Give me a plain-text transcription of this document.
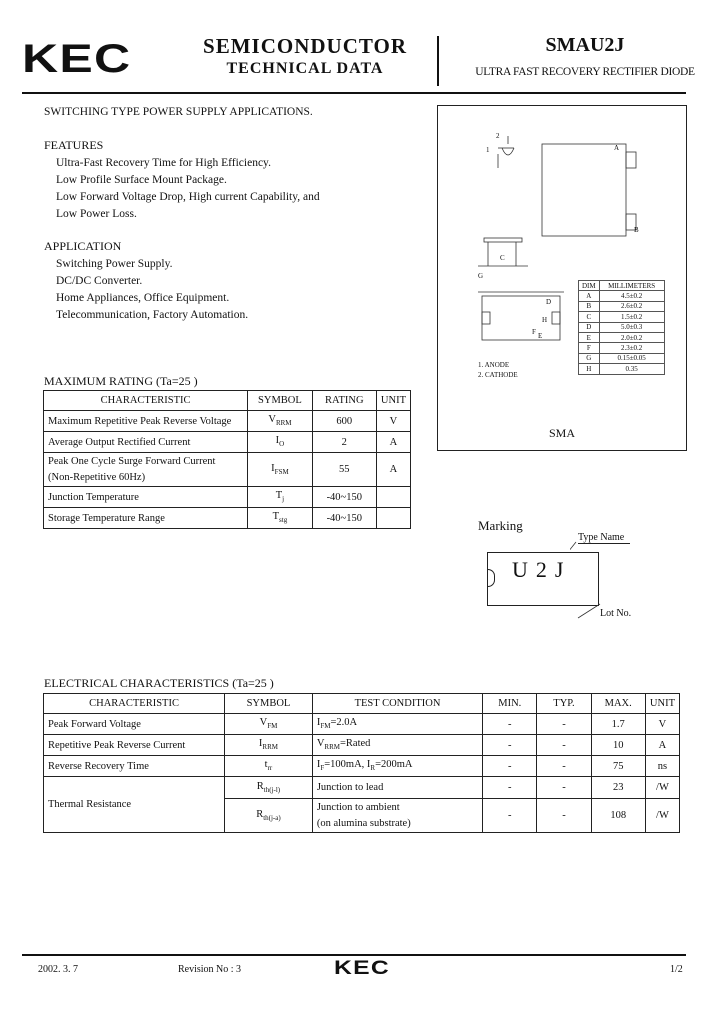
KEC	SEMICONDUCTOR
TECHNICAL DATA
SMAU2J
ULTRA FAST RECOVERY RECTIFIER DIODE
SWITCHING TYPE POWER SUPPLY APPLICATIONS.
FEATURES
Ultra-Fast Recovery Time for High Efficiency.
Low Profile Surface Mount Package.
Low Forward Voltage Drop, High current Capability, and
Low Power Loss.
APPLICATION
Switching Power Supply.
DC/DC Converter.
Home Appliances, Office Equipment.
Telecommunication, Factory Automation.
2
1	A
B
C
D
E
F
G
H
DIM	MILLIMETERS
A	4.5±0.2
B	2.6±0.2
C	1.5±0.2
D	5.0±0.3
E	2.0±0.2
F	2.3±0.2
G	0.15±0.05
H	0.35
1. ANODE
2. CATHODE
SMA
MAXIMUM RATING (Ta=25 )
CHARACTERISTIC	SYMBOL	RATING	UNIT
Maximum Repetitive Peak Reverse Voltage	$V_{RRM}$	600	V
Average Output Rectified Current	$I_O$	2	A

Peak One Cycle Surge Forward Current
(Non-Repetitive 60Hz)	$I_{FSM}$	55	A
Junction Temperature	$T_j$	-40~150	
Storage Temperature Range	$T_{stg}$	-40~150		Marking
Type Name
U2J
Lot No.
ELECTRICAL CHARACTERISTICS (Ta=25 )
CHARACTERISTIC	SYMBOL	TEST CONDITION	MIN.	TYP.	MAX.	UNIT
Peak Forward Voltage	$V_{FM}$	$I_{FM}=2.0A$	-	-	1.7	V
Repetitive Peak Reverse Current	$I_{RRM}$	$V_{RRM}=Rated$	-	-	10	A
Reverse Recovery Time	$t_{rr}$	$I_F=100mA$, $I_R=200mA$	-	-	75	ns
Thermal Resistance	$R_{th(j-l)}$	Junction to lead	-	-	23	/W
	$R_{th(j-a)}$	Junction to ambient
(on alumina substrate)	-	-	108	/W
2002. 3. 7	Revision No : 3	KEC	1/2
